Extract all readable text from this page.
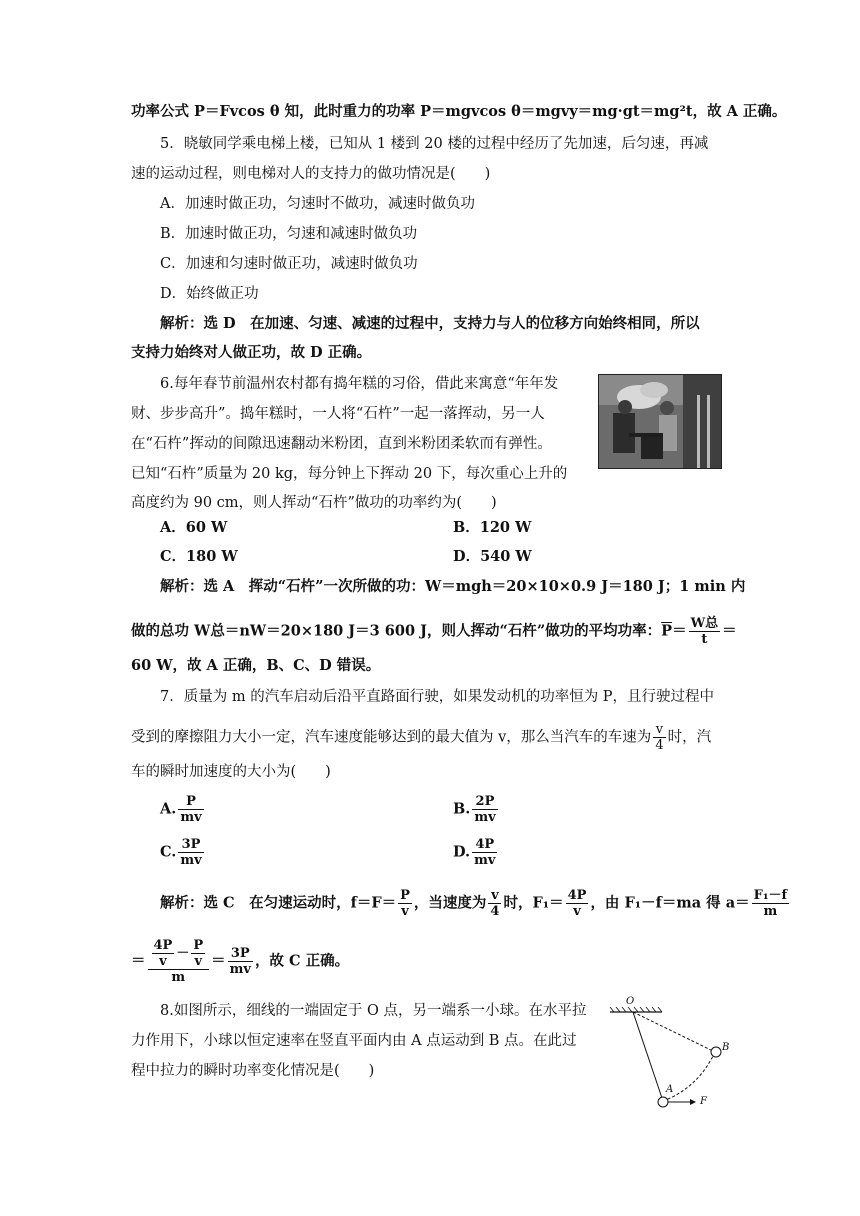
功率公式 P＝Fvcos θ 知，此时重力的功率 P＝mgvcos θ＝mgvy＝mg·gt＝mg²t，故 A 正确。
5．晓敏同学乘电梯上楼，已知从 1 楼到 20 楼的过程中经历了先加速，后匀速，再减
速的运动过程，则电梯对人的支持力的做功情况是(　　)
A．加速时做正功，匀速时不做功，减速时做负功
B．加速时做正功，匀速和减速时做负功
C．加速和匀速时做正功，减速时做负功
D．始终做正功
解析：选 D　在加速、匀速、减速的过程中，支持力与人的位移方向始终相同，所以
支持力始终对人做正功，故 D 正确。
6.每年春节前温州农村都有捣年糕的习俗，借此来寓意“年年发
财、步步高升”。捣年糕时，一人将“石杵”一起一落挥动，另一人
在“石杵”挥动的间隙迅速翻动米粉团，直到米粉团柔软而有弹性。
已知“石杵”质量为 20 kg，每分钟上下挥动 20 下，每次重心上升的
高度约为 90 cm，则人挥动“石杵”做功的功率约为(　　)
A．60 W	B．120 W
C．180 W	D．540 W
解析：选 A　挥动“石杵”一次所做的功：W＝mgh＝20×10×0.9 J＝180 J；1 min 内
做的总功 W总＝nW＝20×180 J＝3 600 J，则人挥动“石杵”做功的平均功率：$\overline{P}= \frac{\text{W总}}{t}$ ＝
60 W，故 A 正确，B、C、D 错误。
7．质量为 m 的汽车启动后沿平直路面行驶，如果发动机的功率恒为 P，且行驶过程中
受到的摩擦阻力大小一定，汽车速度能够达到的最大值为 v，那么当汽车的车速为 $\frac{v}{4}$ 时，汽
车的瞬时加速度的大小为(　　)
A. $\frac{P}{mv}$	B. $\frac{2P}{mv}$
C. $\frac{3P}{mv}$	D. $\frac{4P}{mv}$
解析：选 C　在匀速运动时，$f=F= \frac{P}{v}$ ，当速度为 $\frac{v}{4}$ 时，$F_1= \frac{4P}{v}$ ，由 F₁－f＝ma 得 $a= \frac{\text{F₁－f}}{m}$
＝ $\frac{\frac{4P}{v} - \frac{P}{v}}{m} = \frac{3P}{mv}$ ，故 C 正确。
8.如图所示，细线的一端固定于 O 点，另一端系一小球。在水平拉
力作用下，小球以恒定速率在竖直平面内由 A 点运动到 B 点。在此过
程中拉力的瞬时功率变化情况是(　　)
O
A
B
F
